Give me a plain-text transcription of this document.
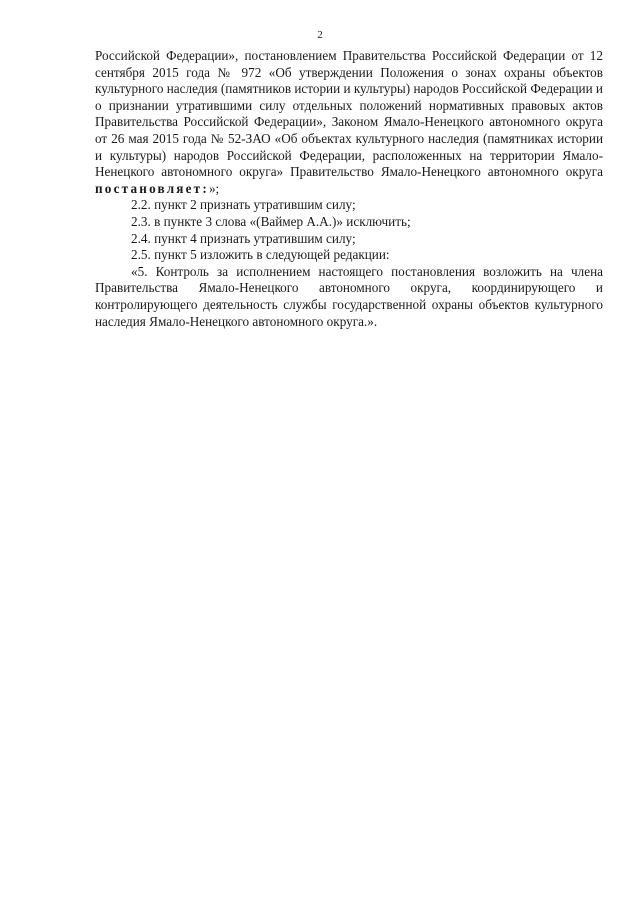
2

Российской Федерации», постановлением Правительства Российской Федерации от 12 сентября 2015 года № 972 «Об утверждении Положения о зонах охраны объектов культурного наследия (памятников истории и культуры) народов Российской Федерации и о признании утратившими силу отдельных положений нормативных правовых актов Правительства Российской Федерации», Законом Ямало-Ненецкого автономного округа от 26 мая 2015 года № 52-ЗАО «Об объектах культурного наследия (памятниках истории и культуры) народов Российской Федерации, расположенных на территории Ямало-Ненецкого автономного округа» Правительство Ямало-Ненецкого автономного округа постановляет:»;

2.2. пункт 2 признать утратившим силу;

2.3. в пункте 3 слова «(Ваймер А.А.)» исключить;

2.4. пункт 4 признать утратившим силу;

2.5. пункт 5 изложить в следующей редакции:

«5. Контроль за исполнением настоящего постановления возложить на члена Правительства Ямало-Ненецкого автономного округа, координирующего и контролирующего деятельность службы государственной охраны объектов культурного наследия Ямало-Ненецкого автономного округа.».
